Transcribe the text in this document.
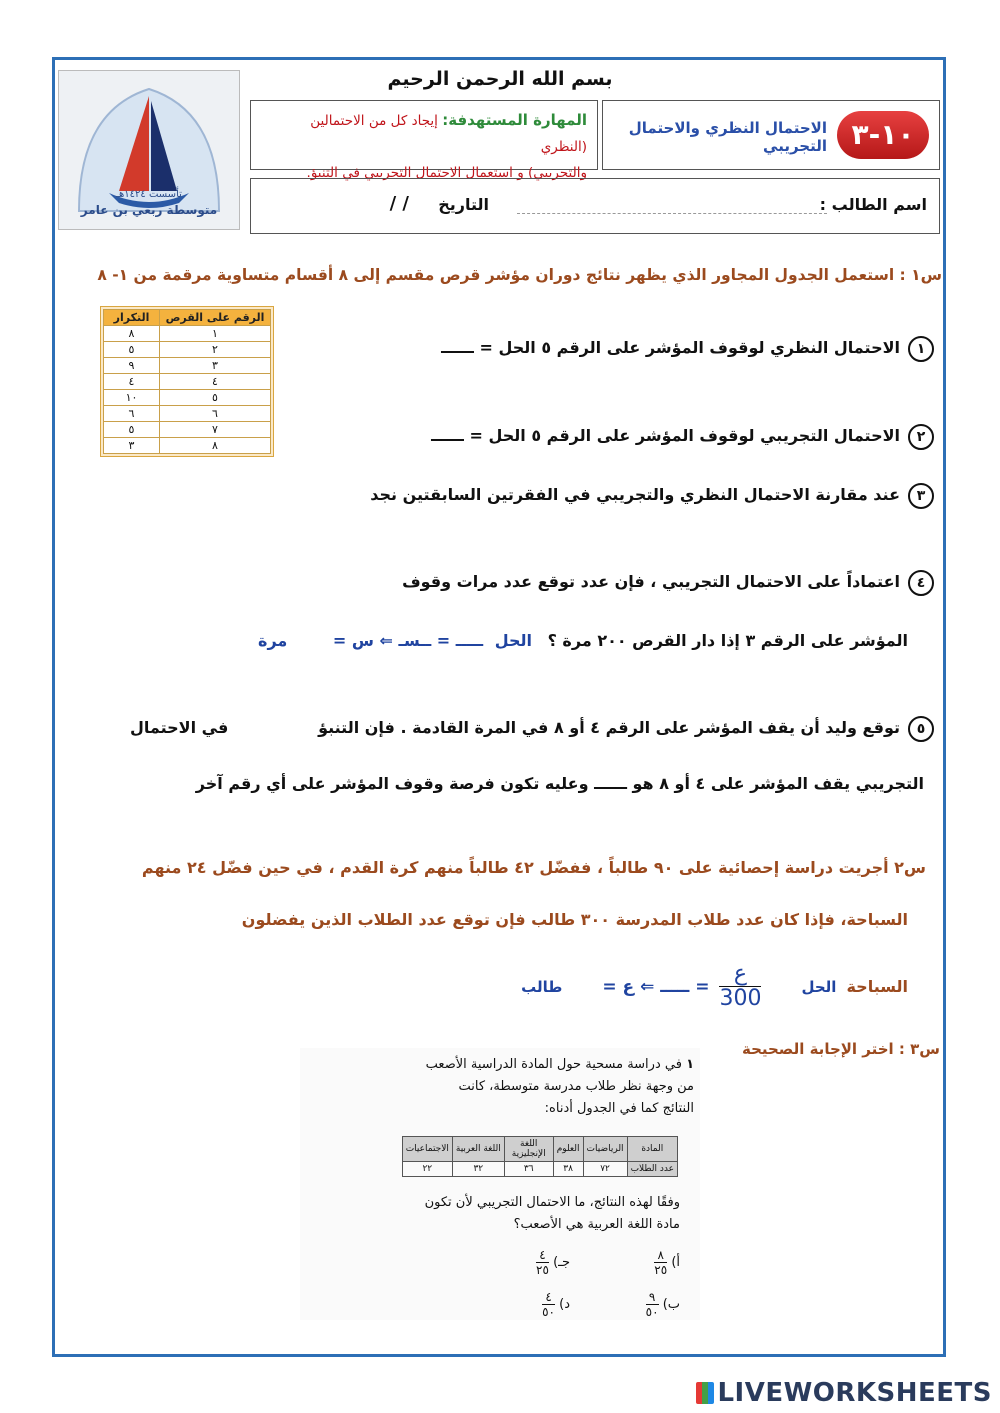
تأسست ١٤٢٤هـ
متوسطة ربعي بن عامر
بسم الله الرحمن الرحيم
١٠-٣
الاحتمال النظري والاحتمال التجريبي
المهارة المستهدفة: إيجاد كل من الاحتمالين (النظري
والتجريبي) و استعمال الاحتمال التجريبي في التنبؤ.
اسم الطالب :
التاريخ
/ /
س١ : استعمل الجدول المجاور الذي يظهر نتائج دوران مؤشر قرص مقسم إلى ٨ أقسام متساوية مرقمة من ١- ٨
الرقم على القرص	التكرار
١	٨
٢	٥
٣	٩
٤	٤
٥	١٠
٦	٦
٧	٥
٨	٣
١الاحتمال النظري لوقوف المؤشر على الرقم ٥ الحل = ــــــ
٢الاحتمال التجريبي لوقوف المؤشر على الرقم ٥ الحل = ــــــ
٣عند مقارنة الاحتمال النظري والتجريبي في الفقرتين السابقتين نجد
٤اعتماداً على الاحتمال التجريبي ، فإن عدد توقع عدد مرات وقوف
المؤشر على الرقم ٣ إذا دار القرص ٢٠٠ مرة ؟ الحل ـــــ = ــسـ ⇐ س = مرة
٥توقع وليد أن يقف المؤشر على الرقم ٤ أو ٨ في المرة القادمة . فإن التنبؤ
في الاحتمال
التجريبي يقف المؤشر على ٤ أو ٨ هو ــــــ وعليه تكون فرصة وقوف المؤشر على أي رقم آخر
س٢ أجريت دراسة إحصائية على ٩٠ طالباً ، ففضّل ٤٢ طالباً منهم كرة القدم ، في حين فضّل ٢٤ منهم
السباحة، فإذا كان عدد طلاب المدرسة ٣٠٠ طالب فإن توقع عدد الطلاب الذين يفضلون
السباحة
الحل
$\frac{\text{ع}}{300}$
= ـــــ ⇐ ع =
طالب
س٣ : اختر الإجابة الصحيحة
١ في دراسة مسحية حول المادة الدراسية الأصعب
من وجهة نظر طلاب مدرسة متوسطة، كانت
النتائج كما في الجدول أدناه:
المادة	الرياضيات	العلوم	اللغة الإنجليزية	اللغة العربية	الاجتماعيات
عدد الطلاب	٧٢	٣٨	٣٦	٣٢	٢٢
وفقًا لهذه النتائج، ما الاحتمال التجريبي لأن تكون
مادة اللغة العربية هي الأصعب؟
أ)
$\frac{٨}{٢٥}$
ب)
$\frac{٩}{٥٠}$
جـ)
$\frac{٤}{٢٥}$
د)
$\frac{٤}{٥٠}$
LIVEWORKSHEETS
